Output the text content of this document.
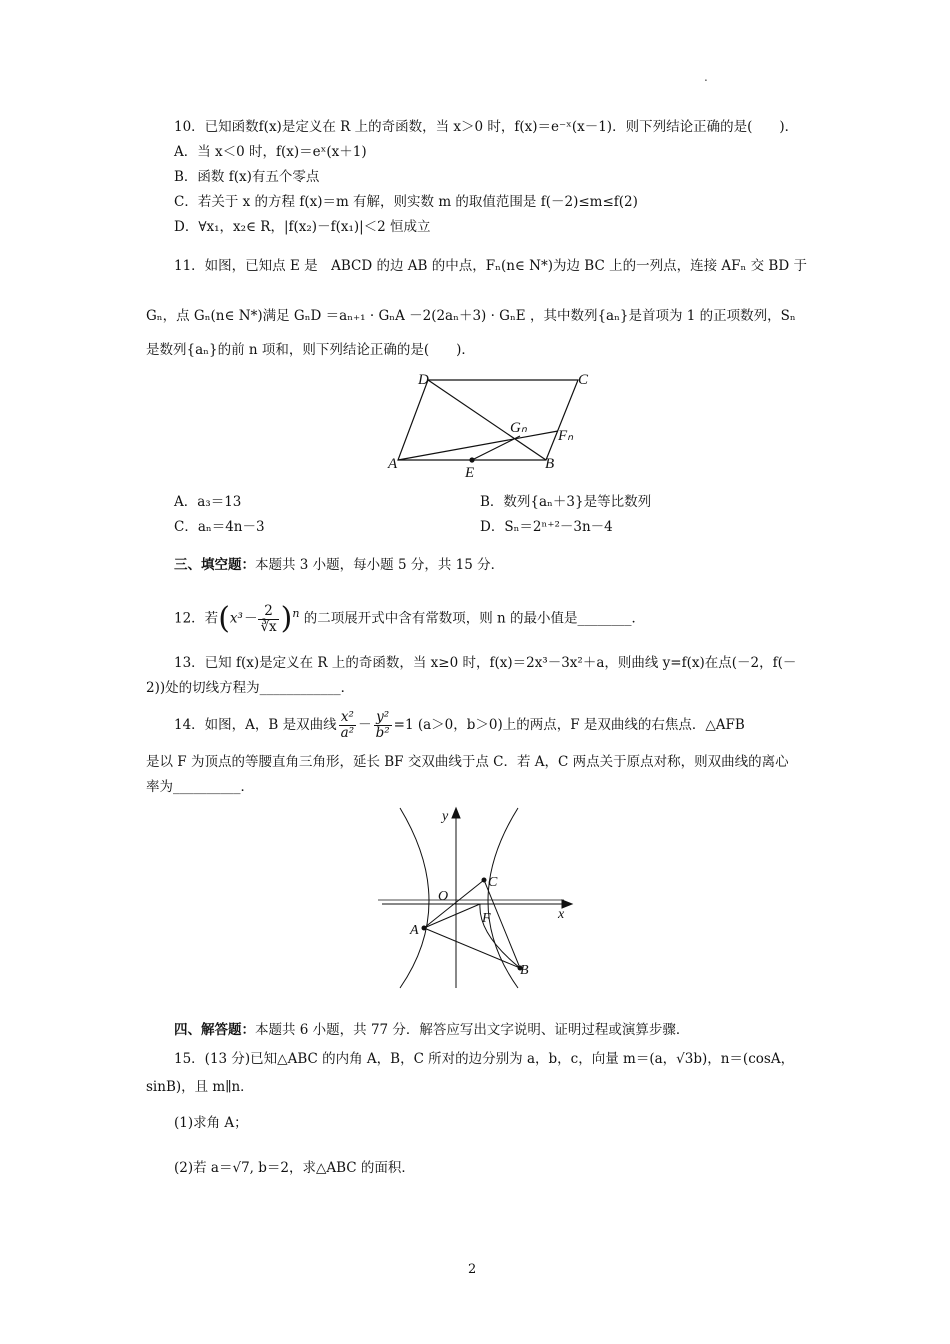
.
10．已知函数f(x)是定义在 R 上的奇函数，当 x＞0 时，f(x)＝e⁻ˣ(x－1)．则下列结论正确的是(　　)．
A．当 x＜0 时，f(x)＝eˣ(x＋1)
B．函数 f(x)有五个零点
C．若关于 x 的方程 f(x)＝m 有解，则实数 m 的取值范围是 f(－2)≤m≤f(2)
D．∀x₁，x₂∈ R，|f(x₂)－f(x₁)|＜2 恒成立
11．如图，已知点 E 是　ABCD 的边 AB 的中点，Fₙ(n∈ N*)为边 BC 上的一列点，连接 AFₙ 交 BD 于
Gₙ，点 Gₙ(n∈ N*)满足 GₙD ＝aₙ₊₁ · GₙA －2(2aₙ＋3) · GₙE ，其中数列{aₙ}是首项为 1 的正项数列，Sₙ
是数列{aₙ}的前 n 项和，则下列结论正确的是(　　)．
D	C
A	B
E
Gₙ Fₙ
A．a₃＝13	B．数列{aₙ＋3}是等比数列
C．aₙ＝4n－3	D．Sₙ＝2ⁿ⁺²－3n－4
三、填空题：本题共 3 小题，每小题 5 分，共 15 分．
12．若$(x^3- \frac{2}{∛x} )^n$ 的二项展开式中含有常数项，则 n 的最小值是________．
13．已知 f(x)是定义在 R 上的奇函数，当 x≥0 时，f(x)＝2x³－3x²＋a，则曲线 y=f(x)在点(－2，f(－
2))处的切线方程为____________．
14．如图，A，B 是双曲线 $\frac{\text{x²}}{\text{a²}} - \frac{\text{y²}}{\text{b²}} =1$ (a＞0，b＞0)上的两点，F 是双曲线的右焦点．△AFB
是以 F 为顶点的等腰直角三角形，延长 BF 交双曲线于点 C．若 A，C 两点关于原点对称，则双曲线的离心
率为__________．
y
x
O
C
F
A
B
四、解答题：本题共 6 小题，共 77 分．解答应写出文字说明、证明过程或演算步骤．
15．(13 分)已知△ABC 的内角 A，B，C 所对的边分别为 a，b，c，向量 m＝(a，√3b)，n＝(cosA，
sinB)，且 m∥n．
(1)求角 A；
(2)若 a＝√7, b＝2，求△ABC 的面积．
2
